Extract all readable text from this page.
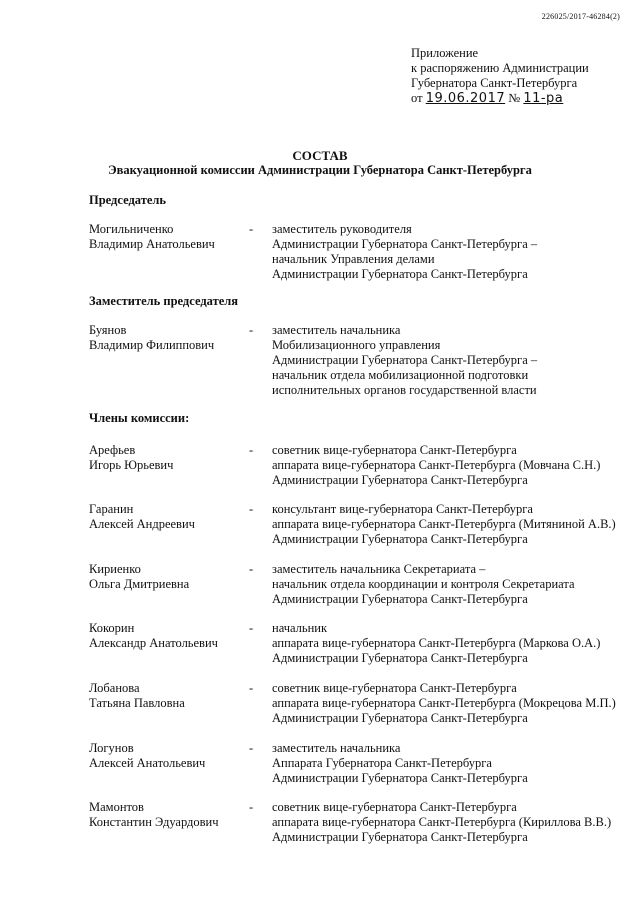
226025/2017-46284(2)
Приложение
к распоряжению Администрации
Губернатора Санкт-Петербурга
от 19.06.2017 № 11-ра
СОСТАВ
Эвакуационной комиссии Администрации Губернатора Санкт-Петербурга
Председатель
Заместитель председателя
Члены комиссии:
Могильниченко
Владимир Анатольевич
- заместитель руководителя
Администрации Губернатора Санкт-Петербурга –
начальник Управления делами
Администрации Губернатора Санкт-Петербурга
Буянов
Владимир Филиппович
- заместитель начальника
Мобилизационного управления
Администрации Губернатора Санкт-Петербурга –
начальник отдела мобилизационной подготовки
исполнительных органов государственной власти
Арефьев
Игорь Юрьевич
- советник вице-губернатора Санкт-Петербурга
аппарата вице-губернатора Санкт-Петербурга (Мовчана С.Н.)
Администрации Губернатора Санкт-Петербурга
Гаранин
Алексей Андреевич
- консультант вице-губернатора Санкт-Петербурга
аппарата вице-губернатора Санкт-Петербурга (Митяниной А.В.)
Администрации Губернатора Санкт-Петербурга
Кириенко
Ольга Дмитриевна
- заместитель начальника Секретариата –
начальник отдела координации и контроля Секретариата
Администрации Губернатора Санкт-Петербурга
Кокорин
Александр Анатольевич
- начальник
аппарата вице-губернатора Санкт-Петербурга (Маркова О.А.)
Администрации Губернатора Санкт-Петербурга
Лобанова
Татьяна Павловна
- советник вице-губернатора Санкт-Петербурга
аппарата вице-губернатора Санкт-Петербурга (Мокрецова М.П.)
Администрации Губернатора Санкт-Петербурга
Логунов
Алексей Анатольевич
- заместитель начальника
Аппарата Губернатора Санкт-Петербурга
Администрации Губернатора Санкт-Петербурга
Мамонтов
Константин Эдуардович
- советник вице-губернатора Санкт-Петербурга
аппарата вице-губернатора Санкт-Петербурга (Кириллова В.В.)
Администрации Губернатора Санкт-Петербурга
